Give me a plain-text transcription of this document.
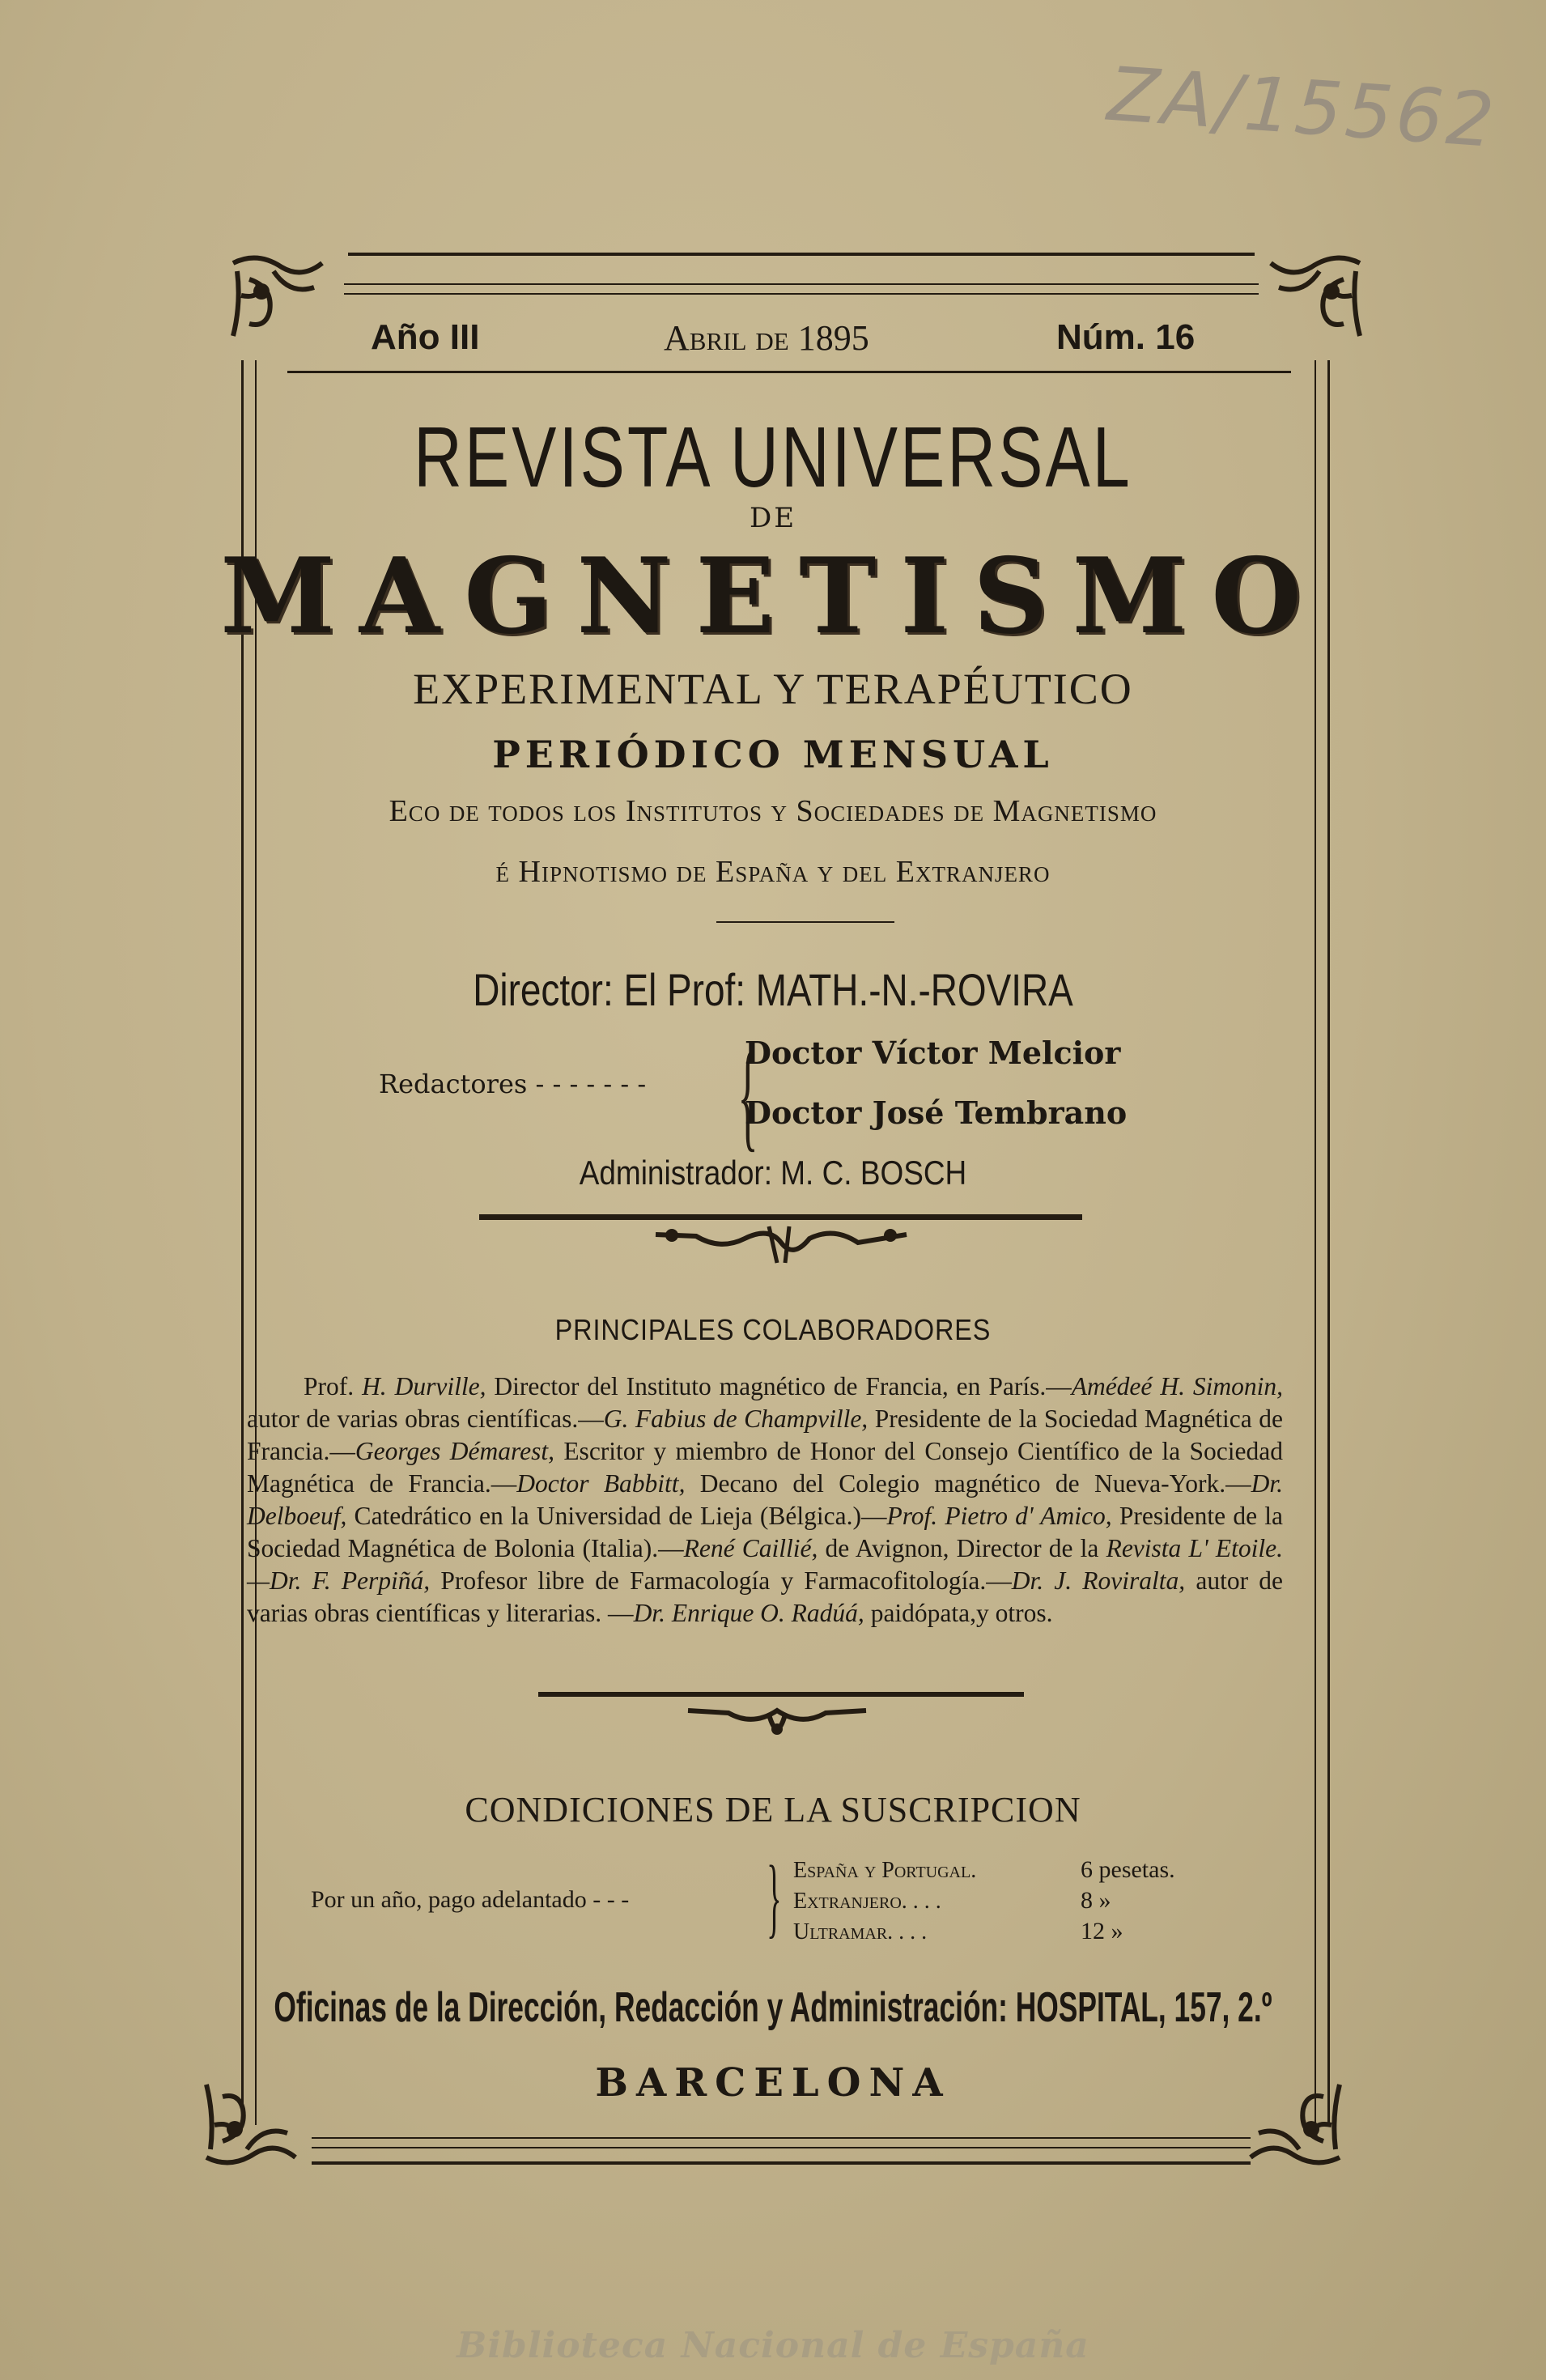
ZA/15562
Año III	Abril de 1895	Núm. 16
REVISTA UNIVERSAL
DE
MAGNETISMO
EXPERIMENTAL Y TERAPÉUTICO
PERIÓDICO MENSUAL
Eco de todos los Institutos y Sociedades de Magnetismo
é Hipnotismo de España y del Extranjero
Director: El Prof: MATH.-N.-ROVIRA
Redactores - - - - - - - {
Doctor Víctor Melcior
Doctor José Tembrano
Administrador: M. C. BOSCH
PRINCIPALES COLABORADORES

Prof. H. Durville, Director del Instituto magnético de Francia, en París.—Amédeé H. Simonin, autor de varias obras científicas.—G. Fabius de Champville, Presidente de la Sociedad Magnética de Francia.—Georges Démarest, Escritor y miembro de Honor del Consejo Científico de la Sociedad Magnética de Francia.—Doctor Babbitt, Decano del Colegio magnético de Nueva-York.—Dr. Delboeuf, Catedrático en la Universidad de Lieja (Bélgica.)—Prof. Pietro d' Amico, Presidente de la Sociedad Magnética de Bolonia (Italia).—René Caillié, de Avignon, Director de la Revista L' Etoile.—Dr. F. Perpiñá, Profesor libre de Farmacología y Farmacofitología.—Dr. J. Roviralta, autor de varias obras científicas y literarias. —Dr. Enrique O. Radúá, paidópata,y otros.

CONDICIONES DE LA SUSCRIPCION
Por un año, pago adelantado - - - } España y Portugal.	6 pesetas.
Extranjero. . . .	8 »
Ultramar. . . .	12 »
Oficinas de la Dirección, Redacción y Administración: HOSPITAL, 157, 2.º
BARCELONA
Biblioteca Nacional de España
